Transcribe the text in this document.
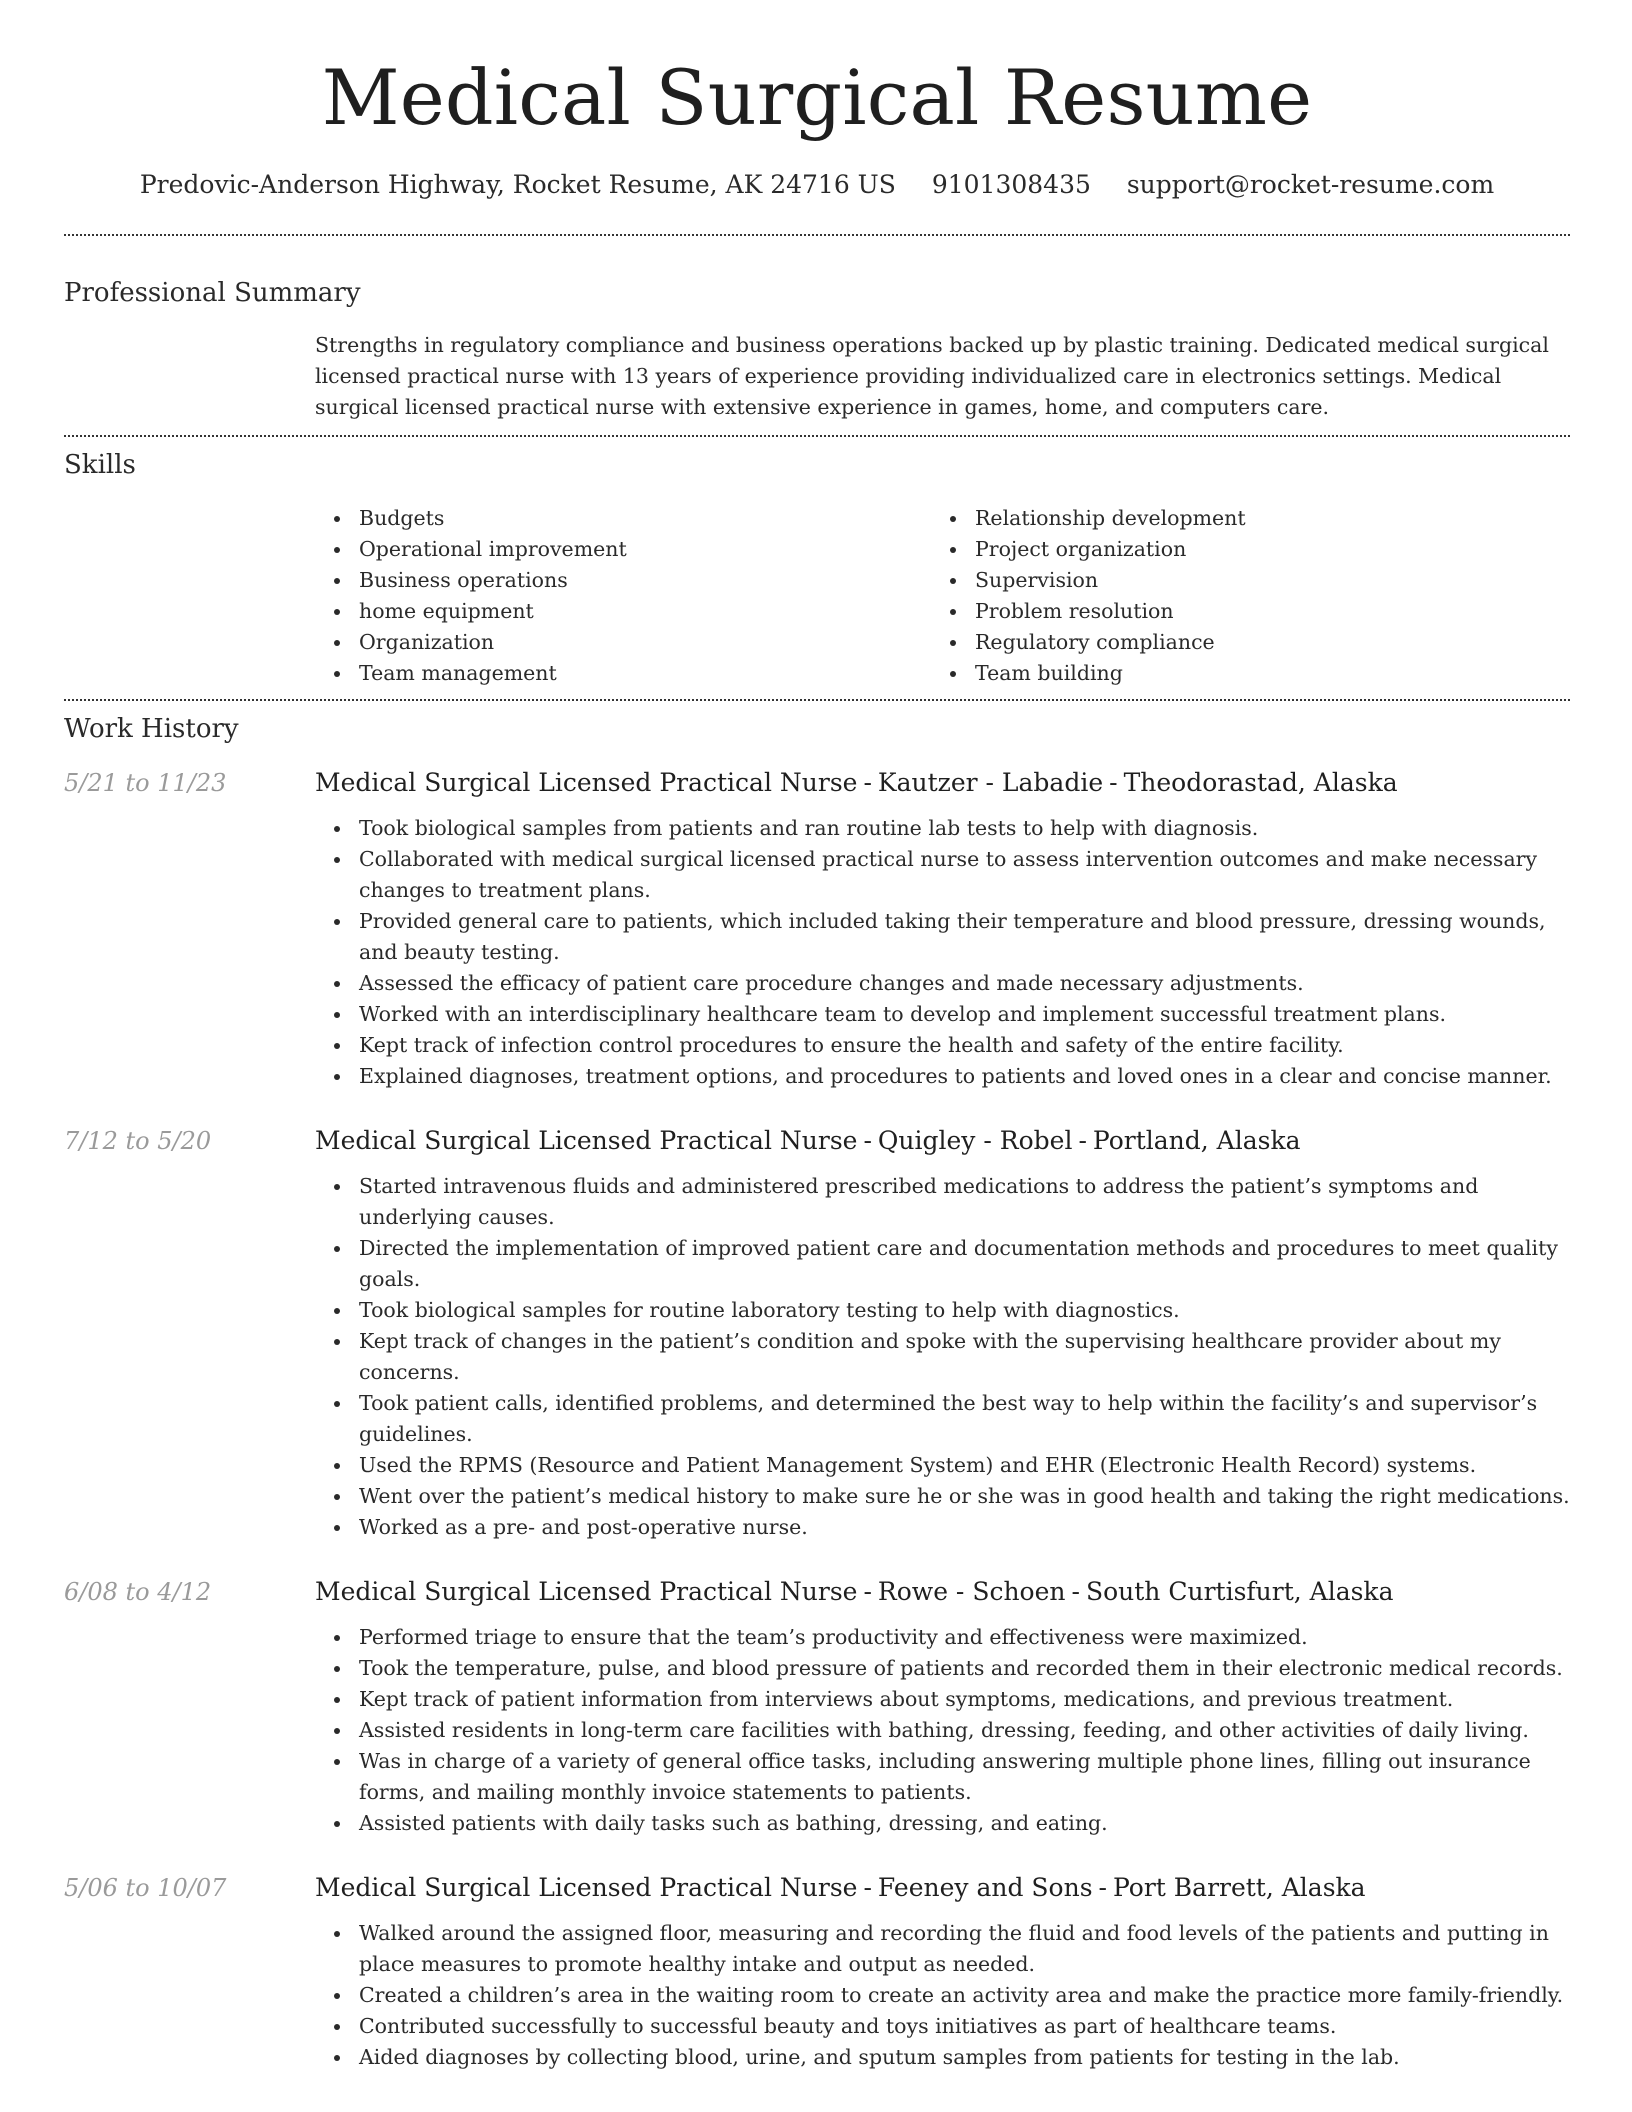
Medical Surgical Resume
Predovic-Anderson Highway, Rocket Resume, AK 24716 US 9101308435 support@rocket-resume.com
Professional Summary

Strengths in regulatory compliance and business operations backed up by plastic training. Dedicated medical surgical licensed practical nurse with 13 years of experience providing individualized care in electronics settings. Medical surgical licensed practical nurse with extensive experience in games, home, and computers care.

Skills
Budgets
Operational improvement
Business operations
home equipment
Organization
Team management
Relationship development
Project organization
Supervision
Problem resolution
Regulatory compliance
Team building
Work History
5/21 to 11/23	Medical Surgical Licensed Practical Nurse - Kautzer - Labadie - Theodorastad, Alaska
Took biological samples from patients and ran routine lab tests to help with diagnosis.
Collaborated with medical surgical licensed practical nurse to assess intervention outcomes and make necessary changes to treatment plans.
Provided general care to patients, which included taking their temperature and blood pressure, dressing wounds, and beauty testing.
Assessed the efficacy of patient care procedure changes and made necessary adjustments.
Worked with an interdisciplinary healthcare team to develop and implement successful treatment plans.
Kept track of infection control procedures to ensure the health and safety of the entire facility.
Explained diagnoses, treatment options, and procedures to patients and loved ones in a clear and concise manner.
7/12 to 5/20	Medical Surgical Licensed Practical Nurse - Quigley - Robel - Portland, Alaska
Started intravenous fluids and administered prescribed medications to address the patient’s symptoms and underlying causes.
Directed the implementation of improved patient care and documentation methods and procedures to meet quality goals.
Took biological samples for routine laboratory testing to help with diagnostics.
Kept track of changes in the patient’s condition and spoke with the supervising healthcare provider about my concerns.
Took patient calls, identified problems, and determined the best way to help within the facility’s and supervisor’s guidelines.
Used the RPMS (Resource and Patient Management System) and EHR (Electronic Health Record) systems.
Went over the patient’s medical history to make sure he or she was in good health and taking the right medications.
Worked as a pre- and post-operative nurse.
6/08 to 4/12	Medical Surgical Licensed Practical Nurse - Rowe - Schoen - South Curtisfurt, Alaska
Performed triage to ensure that the team’s productivity and effectiveness were maximized.
Took the temperature, pulse, and blood pressure of patients and recorded them in their electronic medical records.
Kept track of patient information from interviews about symptoms, medications, and previous treatment.
Assisted residents in long-term care facilities with bathing, dressing, feeding, and other activities of daily living.
Was in charge of a variety of general office tasks, including answering multiple phone lines, filling out insurance forms, and mailing monthly invoice statements to patients.
Assisted patients with daily tasks such as bathing, dressing, and eating.
5/06 to 10/07	Medical Surgical Licensed Practical Nurse - Feeney and Sons - Port Barrett, Alaska
Walked around the assigned floor, measuring and recording the fluid and food levels of the patients and putting in place measures to promote healthy intake and output as needed.
Created a children’s area in the waiting room to create an activity area and make the practice more family-friendly.
Contributed successfully to successful beauty and toys initiatives as part of healthcare teams.
Aided diagnoses by collecting blood, urine, and sputum samples from patients for testing in the lab.
